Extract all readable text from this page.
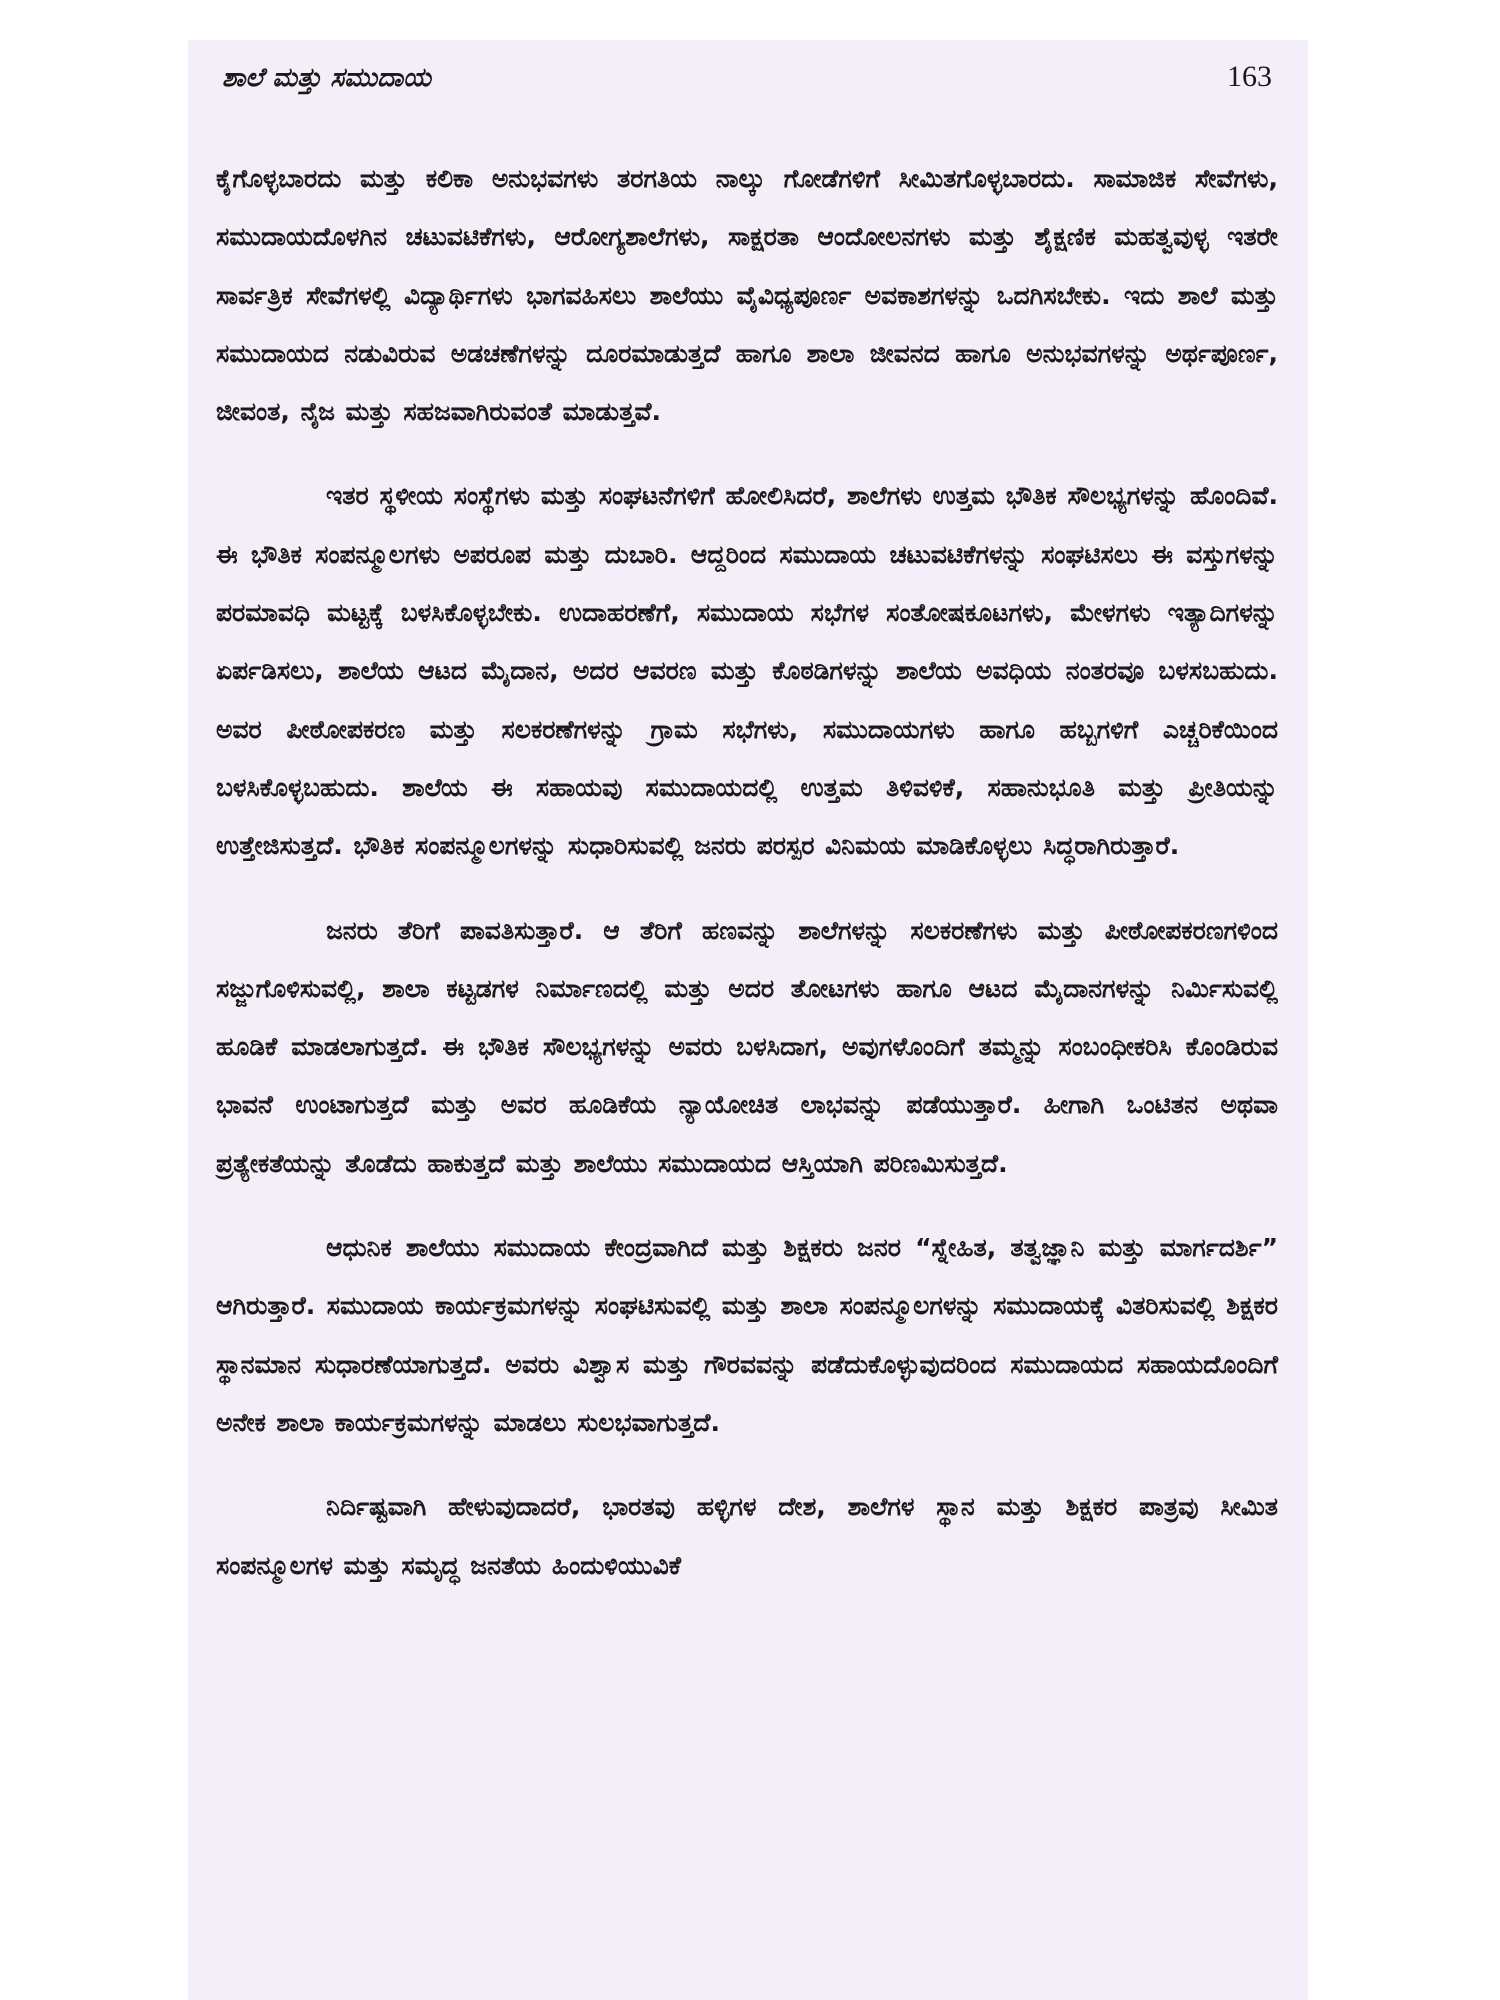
ಶಾಲೆ ಮತ್ತು ಸಮುದಾಯ	163

ಕೈಗೊಳ್ಳಬಾರದು ಮತ್ತು ಕಲಿಕಾ ಅನುಭವಗಳು ತರಗತಿಯ ನಾಲ್ಕು ಗೋಡೆಗಳಿಗೆ ಸೀಮಿತಗೊಳ್ಳಬಾರದು. ಸಾಮಾಜಿಕ ಸೇವೆಗಳು, ಸಮುದಾಯದೊಳಗಿನ ಚಟುವಟಿಕೆಗಳು, ಆರೋಗ್ಯಶಾಲೆಗಳು, ಸಾಕ್ಷರತಾ ಆಂದೋಲನಗಳು ಮತ್ತು ಶೈಕ್ಷಣಿಕ ಮಹತ್ವವುಳ್ಳ ಇತರೇ ಸಾರ್ವತ್ರಿಕ ಸೇವೆಗಳಲ್ಲಿ ವಿದ್ಯಾರ್ಥಿಗಳು ಭಾಗವಹಿಸಲು ಶಾಲೆಯು ವೈವಿಧ್ಯಪೂರ್ಣ ಅವಕಾಶಗಳನ್ನು ಒದಗಿಸಬೇಕು. ಇದು ಶಾಲೆ ಮತ್ತು ಸಮುದಾಯದ ನಡುವಿರುವ ಅಡಚಣೆಗಳನ್ನು ದೂರಮಾಡುತ್ತದೆ ಹಾಗೂ ಶಾಲಾ ಜೀವನದ ಹಾಗೂ ಅನುಭವಗಳನ್ನು ಅರ್ಥಪೂರ್ಣ, ಜೀವಂತ, ನೈಜ ಮತ್ತು ಸಹಜವಾಗಿರುವಂತೆ ಮಾಡುತ್ತವೆ.

ಇತರ ಸ್ಥಳೀಯ ಸಂಸ್ಥೆಗಳು ಮತ್ತು ಸಂಘಟನೆಗಳಿಗೆ ಹೋಲಿಸಿದರೆ, ಶಾಲೆಗಳು ಉತ್ತಮ ಭೌತಿಕ ಸೌಲಭ್ಯಗಳನ್ನು ಹೊಂದಿವೆ. ಈ ಭೌತಿಕ ಸಂಪನ್ಮೂಲಗಳು ಅಪರೂಪ ಮತ್ತು ದುಬಾರಿ. ಆದ್ದರಿಂದ ಸಮುದಾಯ ಚಟುವಟಿಕೆಗಳನ್ನು ಸಂಘಟಿಸಲು ಈ ವಸ್ತುಗಳನ್ನು ಪರಮಾವಧಿ ಮಟ್ಟಕ್ಕೆ ಬಳಸಿಕೊಳ್ಳಬೇಕು. ಉದಾಹರಣೆಗೆ, ಸಮುದಾಯ ಸಭೆಗಳ ಸಂತೋಷಕೂಟಗಳು, ಮೇಳಗಳು ಇತ್ಯಾದಿಗಳನ್ನು ಏರ್ಪಡಿಸಲು, ಶಾಲೆಯ ಆಟದ ಮೈದಾನ, ಅದರ ಆವರಣ ಮತ್ತು ಕೊಠಡಿಗಳನ್ನು ಶಾಲೆಯ ಅವಧಿಯ ನಂತರವೂ ಬಳಸಬಹುದು. ಅವರ ಪೀಠೋಪಕರಣ ಮತ್ತು ಸಲಕರಣೆಗಳನ್ನು ಗ್ರಾಮ ಸಭೆಗಳು, ಸಮುದಾಯಗಳು ಹಾಗೂ ಹಬ್ಬಗಳಿಗೆ ಎಚ್ಚರಿಕೆಯಿಂದ ಬಳಸಿಕೊಳ್ಳಬಹುದು. ಶಾಲೆಯ ಈ ಸಹಾಯವು ಸಮುದಾಯದಲ್ಲಿ ಉತ್ತಮ ತಿಳಿವಳಿಕೆ, ಸಹಾನುಭೂತಿ ಮತ್ತು ಪ್ರೀತಿಯನ್ನು ಉತ್ತೇಜಿಸುತ್ತದೆ. ಭೌತಿಕ ಸಂಪನ್ಮೂಲಗಳನ್ನು ಸುಧಾರಿಸುವಲ್ಲಿ ಜನರು ಪರಸ್ಪರ ವಿನಿಮಯ ಮಾಡಿಕೊಳ್ಳಲು ಸಿದ್ಧರಾಗಿರುತ್ತಾರೆ.

ಜನರು ತೆರಿಗೆ ಪಾವತಿಸುತ್ತಾರೆ. ಆ ತೆರಿಗೆ ಹಣವನ್ನು ಶಾಲೆಗಳನ್ನು ಸಲಕರಣೆಗಳು ಮತ್ತು ಪೀಠೋಪಕರಣಗಳಿಂದ ಸಜ್ಜುಗೊಳಿಸುವಲ್ಲಿ, ಶಾಲಾ ಕಟ್ಟಡಗಳ ನಿರ್ಮಾಣದಲ್ಲಿ ಮತ್ತು ಅದರ ತೋಟಗಳು ಹಾಗೂ ಆಟದ ಮೈದಾನಗಳನ್ನು ನಿರ್ಮಿಸುವಲ್ಲಿ ಹೂಡಿಕೆ ಮಾಡಲಾಗುತ್ತದೆ. ಈ ಭೌತಿಕ ಸೌಲಭ್ಯಗಳನ್ನು ಅವರು ಬಳಸಿದಾಗ, ಅವುಗಳೊಂದಿಗೆ ತಮ್ಮನ್ನು ಸಂಬಂಧೀಕರಿಸಿ ಕೊಂಡಿರುವ ಭಾವನೆ ಉಂಟಾಗುತ್ತದೆ ಮತ್ತು ಅವರ ಹೂಡಿಕೆಯ ನ್ಯಾಯೋಚಿತ ಲಾಭವನ್ನು ಪಡೆಯುತ್ತಾರೆ. ಹೀಗಾಗಿ ಒಂಟಿತನ ಅಥವಾ ಪ್ರತ್ಯೇಕತೆಯನ್ನು ತೊಡೆದು ಹಾಕುತ್ತದೆ ಮತ್ತು ಶಾಲೆಯು ಸಮುದಾಯದ ಆಸ್ತಿಯಾಗಿ ಪರಿಣಮಿಸುತ್ತದೆ.

ಆಧುನಿಕ ಶಾಲೆಯು ಸಮುದಾಯ ಕೇಂದ್ರವಾಗಿದೆ ಮತ್ತು ಶಿಕ್ಷಕರು ಜನರ “ಸ್ನೇಹಿತ, ತತ್ವಜ್ಞಾನಿ ಮತ್ತು ಮಾರ್ಗದರ್ಶಿ” ಆಗಿರುತ್ತಾರೆ. ಸಮುದಾಯ ಕಾರ್ಯಕ್ರಮಗಳನ್ನು ಸಂಘಟಿಸುವಲ್ಲಿ ಮತ್ತು ಶಾಲಾ ಸಂಪನ್ಮೂಲಗಳನ್ನು ಸಮುದಾಯಕ್ಕೆ ವಿತರಿಸುವಲ್ಲಿ ಶಿಕ್ಷಕರ ಸ್ಥಾನಮಾನ ಸುಧಾರಣೆಯಾಗುತ್ತದೆ. ಅವರು ವಿಶ್ವಾಸ ಮತ್ತು ಗೌರವವನ್ನು ಪಡೆದುಕೊಳ್ಳುವುದರಿಂದ ಸಮುದಾಯದ ಸಹಾಯದೊಂದಿಗೆ ಅನೇಕ ಶಾಲಾ ಕಾರ್ಯಕ್ರಮಗಳನ್ನು ಮಾಡಲು ಸುಲಭವಾಗುತ್ತದೆ.

ನಿರ್ದಿಷ್ಟವಾಗಿ ಹೇಳುವುದಾದರೆ, ಭಾರತವು ಹಳ್ಳಿಗಳ ದೇಶ, ಶಾಲೆಗಳ ಸ್ಥಾನ ಮತ್ತು ಶಿಕ್ಷಕರ ಪಾತ್ರವು ಸೀಮಿತ ಸಂಪನ್ಮೂಲಗಳ ಮತ್ತು ಸಮೃದ್ಧ ಜನತೆಯ ಹಿಂದುಳಿಯುವಿಕೆ
